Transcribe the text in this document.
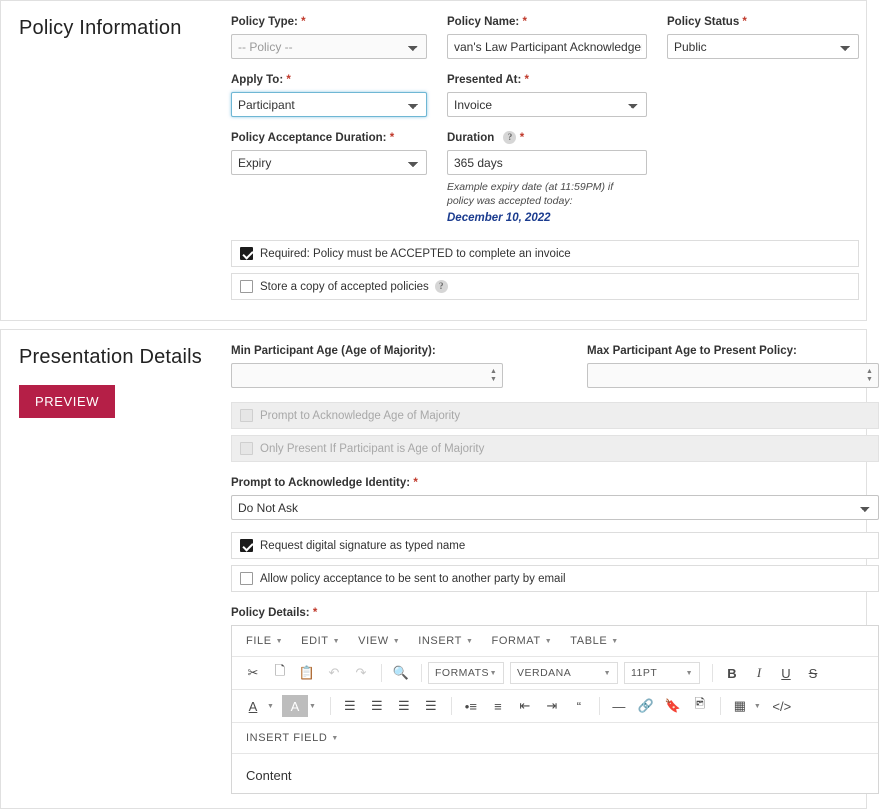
Policy Information	Policy Type: *
-- Policy --	Policy Name: *
van's Law Participant Acknowledgement	Policy Status *
Public
Apply To: *
Participant	Presented At: *
Invoice
Policy Acceptance Duration: *
Expiry	Duration ? *
365 days
Example expiry date (at 11:59PM) if policy was accepted today:
December 10, 2022
Required: Policy must be ACCEPTED to complete an invoice
Store a copy of accepted policies	?
Presentation Details
PREVIEW
Min Participant Age (Age of Majority):
▲
▼
Max Participant Age to Present Policy:
▲
▼
Prompt to Acknowledge Age of Majority
Only Present If Participant is Age of Majority
Prompt to Acknowledge Identity: *
Do Not Ask
Request digital signature as typed name
Allow policy acceptance to be sent to another party by email
Policy Details: *
FILE ▼ EDIT ▼ VIEW ▼ INSERT ▼ FORMAT ▼ TABLE ▼
✂	🗋	📋	↶	↷	🔍	FORMATS ▼ VERDANA	▼ 11PT	▼	B	I	U	S
A	▼	A	▼	☰	☰	☰	☰	•≡	≡	⇤	⇥	“	— 🔗 🔖	🖻	▦	▼ </>
INSERT FIELD ▼
Content
